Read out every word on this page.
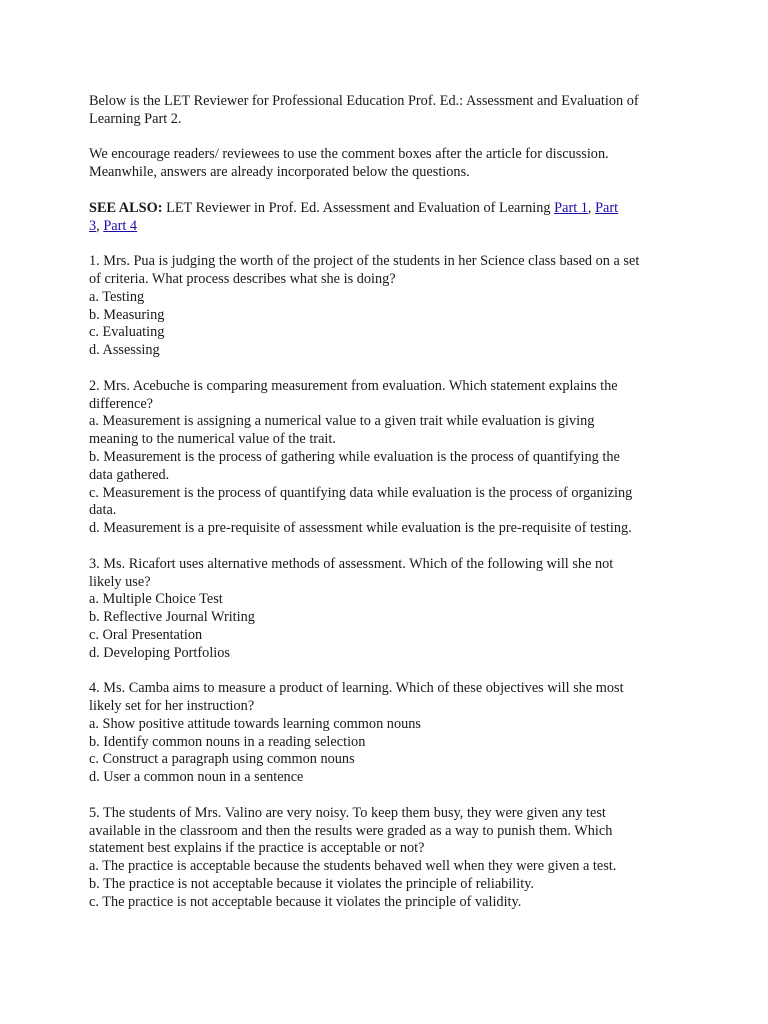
Below is the LET Reviewer for Professional Education Prof. Ed.: Assessment and Evaluation of
Learning Part 2.

We encourage readers/ reviewees to use the comment boxes after the article for discussion.
Meanwhile, answers are already incorporated below the questions.

SEE ALSO: LET Reviewer in Prof. Ed. Assessment and Evaluation of Learning Part 1, Part
3, Part 4

1. Mrs. Pua is judging the worth of the project of the students in her Science class based on a set
of criteria. What process describes what she is doing?
a. Testing
b. Measuring
c. Evaluating
d. Assessing
2. Mrs. Acebuche is comparing measurement from evaluation. Which statement explains the
difference?
a. Measurement is assigning a numerical value to a given trait while evaluation is giving
meaning to the numerical value of the trait.
b. Measurement is the process of gathering while evaluation is the process of quantifying the
data gathered.
c. Measurement is the process of quantifying data while evaluation is the process of organizing
data.
d. Measurement is a pre-requisite of assessment while evaluation is the pre-requisite of testing.
3. Ms. Ricafort uses alternative methods of assessment. Which of the following will she not
likely use?
a. Multiple Choice Test
b. Reflective Journal Writing
c. Oral Presentation
d. Developing Portfolios
4. Ms. Camba aims to measure a product of learning. Which of these objectives will she most
likely set for her instruction?
a. Show positive attitude towards learning common nouns
b. Identify common nouns in a reading selection
c. Construct a paragraph using common nouns
d. User a common noun in a sentence
5. The students of Mrs. Valino are very noisy. To keep them busy, they were given any test
available in the classroom and then the results were graded as a way to punish them. Which
statement best explains if the practice is acceptable or not?
a. The practice is acceptable because the students behaved well when they were given a test.
b. The practice is not acceptable because it violates the principle of reliability.
c. The practice is not acceptable because it violates the principle of validity.
